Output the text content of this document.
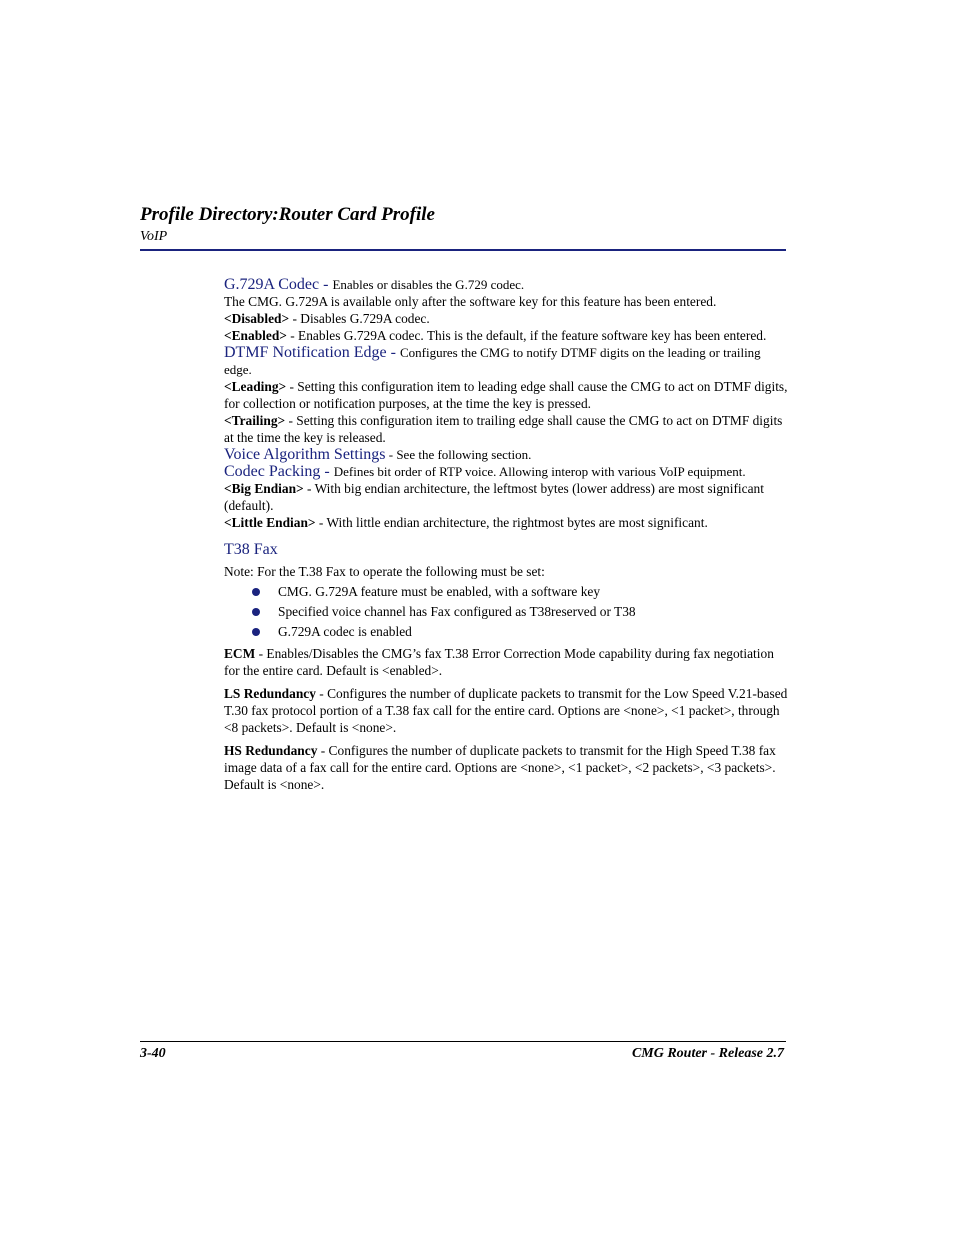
Profile Directory:Router Card Profile
VoIP

G.729A Codec - Enables or disables the G.729 codec.

The CMG. G.729A is available only after the software key for this feature has been entered.

<Disabled> - Disables G.729A codec.

<Enabled> - Enables G.729A codec. This is the default, if the feature software key has been entered.

DTMF Notification Edge - Configures the CMG to notify DTMF digits on the leading or trailing edge.

<Leading> - Setting this configuration item to leading edge shall cause the CMG to act on DTMF digits, for collection or notification purposes, at the time the key is pressed.

<Trailing> - Setting this configuration item to trailing edge shall cause the CMG to act on DTMF digits at the time the key is released.

Voice Algorithm Settings - See the following section.

Codec Packing - Defines bit order of RTP voice. Allowing interop with various VoIP equipment.

<Big Endian> - With big endian architecture, the leftmost bytes (lower address) are most significant (default).

<Little Endian> - With little endian architecture, the rightmost bytes are most significant.

T38 Fax

Note: For the T.38 Fax to operate the following must be set:

CMG. G.729A feature must be enabled, with a software key
Specified voice channel has Fax configured as T38reserved or T38
G.729A codec is enabled

ECM - Enables/Disables the CMG’s fax T.38 Error Correction Mode capability during fax negotiation for the entire card. Default is <enabled>.

LS Redundancy - Configures the number of duplicate packets to transmit for the Low Speed V.21-based T.30 fax protocol portion of a T.38 fax call for the entire card. Options are <none>, <1 packet>, through <8 packets>. Default is <none>.

HS Redundancy - Configures the number of duplicate packets to transmit for the High Speed T.38 fax image data of a fax call for the entire card. Options are <none>, <1 packet>, <2 packets>, <3 packets>. Default is <none>.

3-40	CMG Router - Release 2.7
